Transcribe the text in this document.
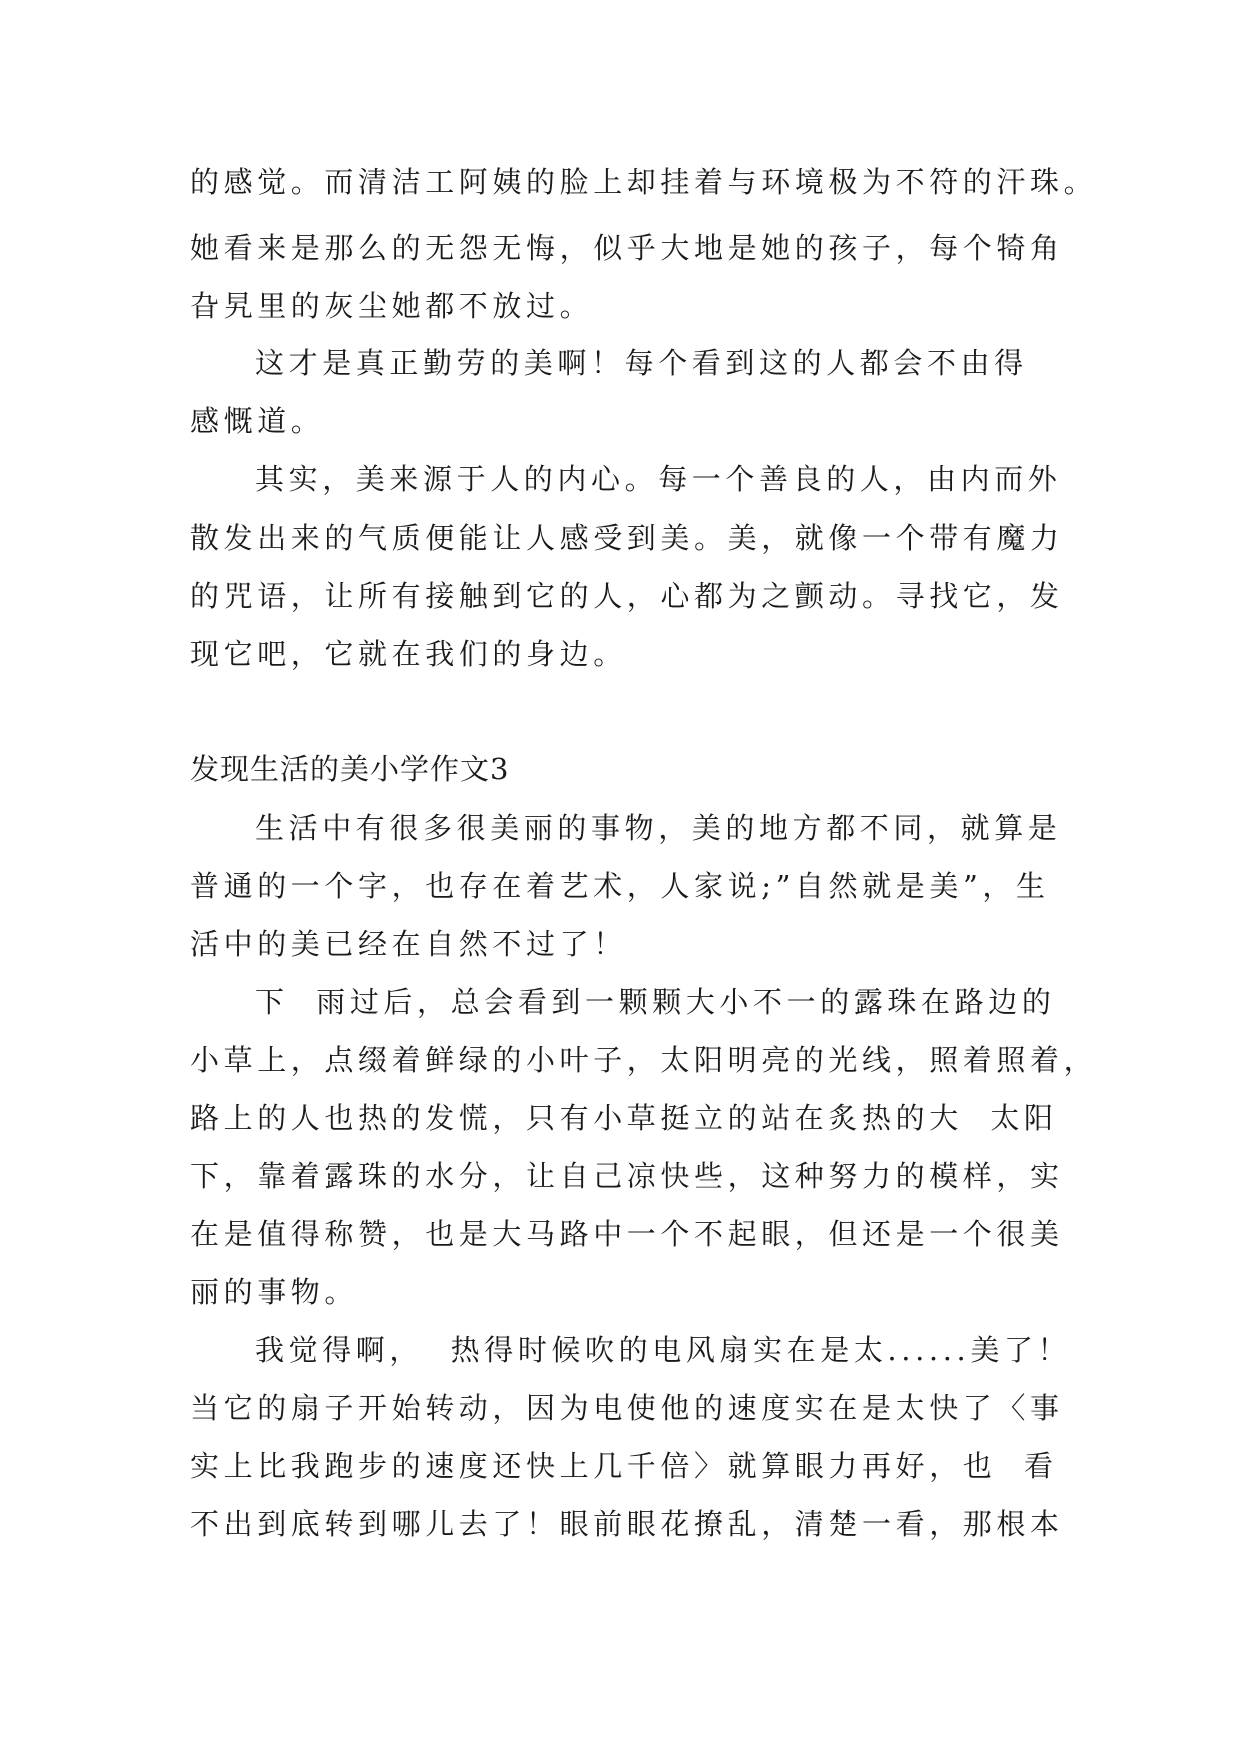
的感觉。而清洁工阿姨的脸上却挂着与环境极为不符的汗珠。
她看来是那么的无怨无悔，似乎大地是她的孩子，每个犄角
旮旯里的灰尘她都不放过。
这才是真正勤劳的美啊！每个看到这的人都会不由得
感慨道。
其实，美来源于人的内心。每一个善良的人，由内而外
散发出来的气质便能让人感受到美。美，就像一个带有魔力
的咒语，让所有接触到它的人，心都为之颤动。寻找它，发
现它吧，它就在我们的身边。
发现生活的美小学作文3
生活中有很多很美丽的事物，美的地方都不同，就算是
普通的一个字，也存在着艺术，人家说;”自然就是美”，生
活中的美已经在自然不过了！
下  雨过后，总会看到一颗颗大小不一的露珠在路边的
小草上，点缀着鲜绿的小叶子，太阳明亮的光线，照着照着，
路上的人也热的发慌，只有小草挺立的站在炙热的大  太阳
下，靠着露珠的水分，让自己凉快些，这种努力的模样，实
在是值得称赞，也是大马路中一个不起眼，但还是一个很美
丽的事物。
我觉得啊，  热得时候吹的电风扇实在是太......美了！
当它的扇子开始转动，因为电使他的速度实在是太快了〈事
实上比我跑步的速度还快上几千倍〉就算眼力再好，也  看
不出到底转到哪儿去了！眼前眼花撩乱，清楚一看，那根本
